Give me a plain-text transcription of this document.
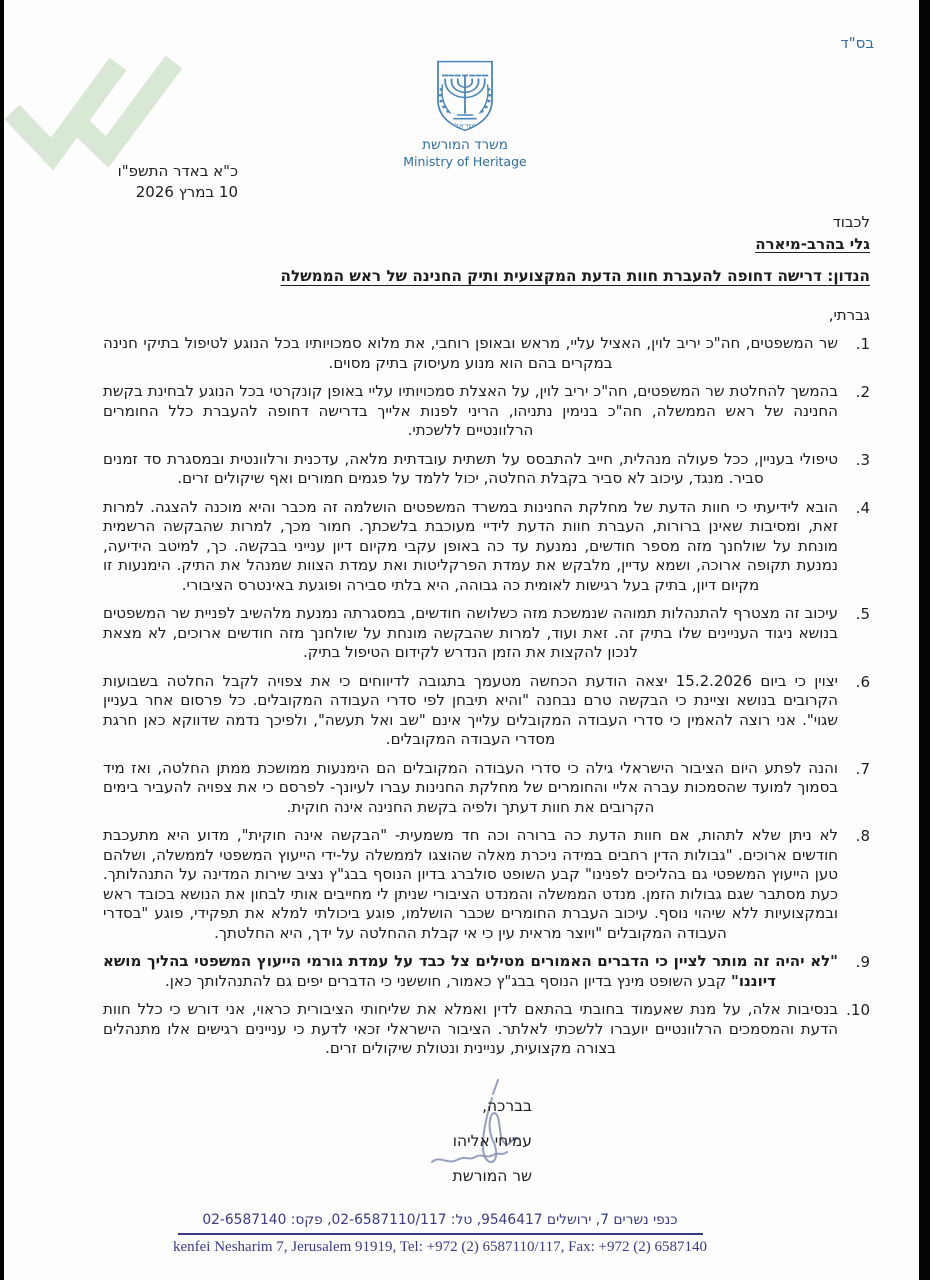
בס"ד
ישראל
משרד המורשת
Ministry of Heritage
כ"א באדר התשפ"ו
10 במרץ 2026
לכבוד
גלי בהרב-מיארה
הנדון: דרישה דחופה להעברת חוות הדעת המקצועית ותיק החנינה של ראש הממשלה
גברתי,
1.
שר המשפטים, חה"כ יריב לוין, האציל עליי, מראש ובאופן רוחבי, את מלוא סמכויותיו בכל הנוגע לטיפול בתיקי חנינה במקרים בהם הוא מנוע מעיסוק בתיק מסוים.
2.
בהמשך להחלטת שר המשפטים, חה"כ יריב לוין, על האצלת סמכויותיו עליי באופן קונקרטי בכל הנוגע לבחינת בקשת החנינה של ראש הממשלה, חה"כ בנימין נתניהו, הריני לפנות אלייך בדרישה דחופה להעברת כלל החומרים הרלוונטיים ללשכתי.
3.
טיפולי בעניין, ככל פעולה מנהלית, חייב להתבסס על תשתית עובדתית מלאה, עדכנית ורלוונטית ובמסגרת סד זמנים סביר. מנגד, עיכוב לא סביר בקבלת החלטה, יכול ללמד על פגמים חמורים ואף שיקולים זרים.
4.
הובא לידיעתי כי חוות הדעת של מחלקת החנינות במשרד המשפטים הושלמה זה מכבר והיא מוכנה להצגה. למרות זאת, ומסיבות שאינן ברורות, העברת חוות הדעת לידיי מעוכבת בלשכתך. חמור מכך, למרות שהבקשה הרשמית מונחת על שולחנך מזה מספר חודשים, נמנעת עד כה באופן עקבי מקיום דיון ענייני בבקשה. כך, למיטב הידיעה, נמנעת תקופה ארוכה, ושמא עדיין, מלבקש את עמדת הפרקליטות ואת עמדת הצוות שמנהל את התיק. הימנעות זו מקיום דיון, בתיק בעל רגישות לאומית כה גבוהה, היא בלתי סבירה ופוגעת באינטרס הציבורי.
5.
עיכוב זה מצטרף להתנהלות תמוהה שנמשכת מזה כשלושה חודשים, במסגרתה נמנעת מלהשיב לפניית שר המשפטים בנושא ניגוד העניינים שלו בתיק זה. זאת ועוד, למרות שהבקשה מונחת על שולחנך מזה חודשים ארוכים, לא מצאת לנכון להקצות את הזמן הנדרש לקידום הטיפול בתיק.
6.
יצוין כי ביום 15.2.2026 יצאה הודעת הכחשה מטעמך בתגובה לדיווחים כי את צפויה לקבל החלטה בשבועות הקרובים בנושא וציינת כי הבקשה טרם נבחנה "והיא תיבחן לפי סדרי העבודה המקובלים. כל פרסום אחר בעניין שגוי". אני רוצה להאמין כי סדרי העבודה המקובלים עלייך אינם "שב ואל תעשה", ולפיכך נדמה שדווקא כאן חרגת מסדרי העבודה המקובלים.
7.
והנה לפתע היום הציבור הישראלי גילה כי סדרי העבודה המקובלים הם הימנעות ממושכת ממתן החלטה, ואז מיד בסמוך למועד שהסמכות עברה אליי והחומרים של מחלקת החנינות עברו לעיונך- לפרסם כי את צפויה להעביר בימים הקרובים את חוות דעתך ולפיה בקשת החנינה אינה חוקית.
8.
לא ניתן שלא לתהות, אם חוות הדעת כה ברורה וכה חד משמעית- "הבקשה אינה חוקית", מדוע היא מתעכבת חודשים ארוכים. "גבולות הדין רחבים במידה ניכרת מאלה שהוצגו לממשלה על-ידי הייעוץ המשפטי לממשלה, ושלהם טען הייעוץ המשפטי גם בהליכים לפנינו" קבע השופט סולברג בדיון הנוסף בבג"ץ נציב שירות המדינה על התנהלותך. כעת מסתבר שגם גבולות הזמן. מנדט הממשלה והמנדט הציבורי שניתן לי מחייבים אותי לבחון את הנושא בכובד ראש ובמקצועיות ללא שיהוי נוסף. עיכוב העברת החומרים שכבר הושלמו, פוגע ביכולתי למלא את תפקידי, פוגע "בסדרי העבודה המקובלים "ויוצר מראית עין כי אי קבלת ההחלטה על ידך, היא החלטתך.
9.
"לא יהיה זה מותר לציין כי הדברים האמורים מטילים צל כבד על עמדת גורמי הייעוץ המשפטי בהליך מושא דיוננו" קבע השופט מינץ בדיון הנוסף בבג"ץ כאמור, חוששני כי הדברים יפים גם להתנהלותך כאן.
10.
בנסיבות אלה, על מנת שאעמוד בחובתי בהתאם לדין ואמלא את שליחותי הציבורית כראוי, אני דורש כי כלל חוות הדעת והמסמכים הרלוונטיים יועברו ללשכתי לאלתר. הציבור הישראלי זכאי לדעת כי עניינים רגישים אלו מתנהלים בצורה מקצועית, עניינית ונטולת שיקולים זרים.
בברכה,
עמיחי אליהו
שר המורשת
כנפי נשרים 7, ירושלים 9546417, טל: 02-6587110/117, פקס: 02-6587140
kenfei Nesharim 7, Jerusalem 91919, Tel: +972 (2) 6587110/117, Fax: +972 (2) 6587140
